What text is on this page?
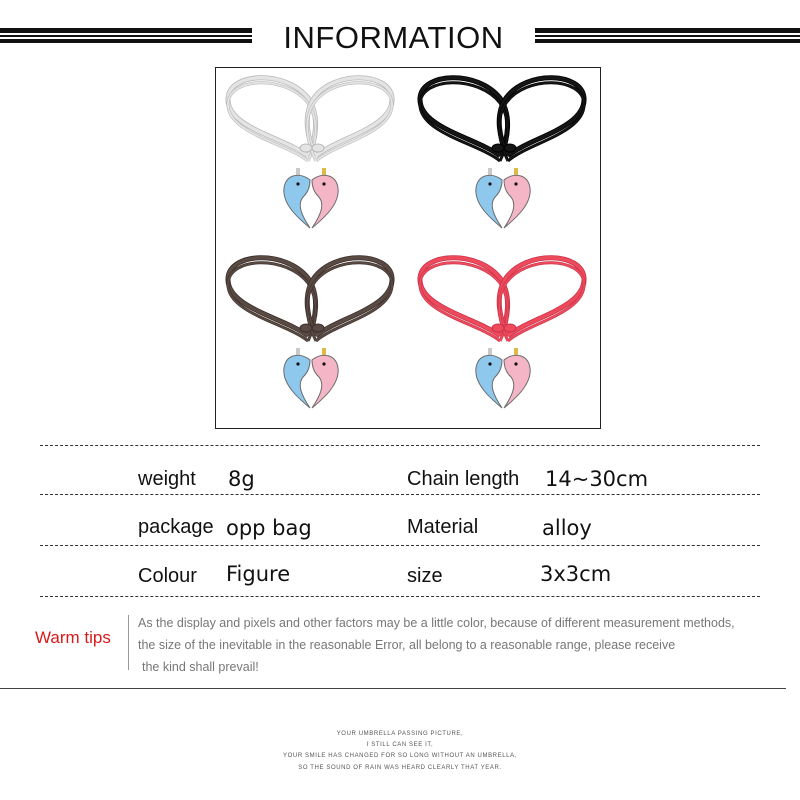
INFORMATION
weight 8g	Chain length 14~30cm
package opp bag	Material	alloy
Colour Figure	size	3x3cm
Warm tips
As the display and pixels and other factors may be a little color, because of different measurement methods,
the size of the inevitable in the reasonable Error, all belong to a reasonable range, please receive
the kind shall prevail!
YOUR UMBRELLA PASSING PICTURE,
I STILL CAN SEE IT,
YOUR SMILE HAS CHANGED FOR SO LONG WITHOUT AN UMBRELLA,
SO THE SOUND OF RAIN WAS HEARD CLEARLY THAT YEAR.
